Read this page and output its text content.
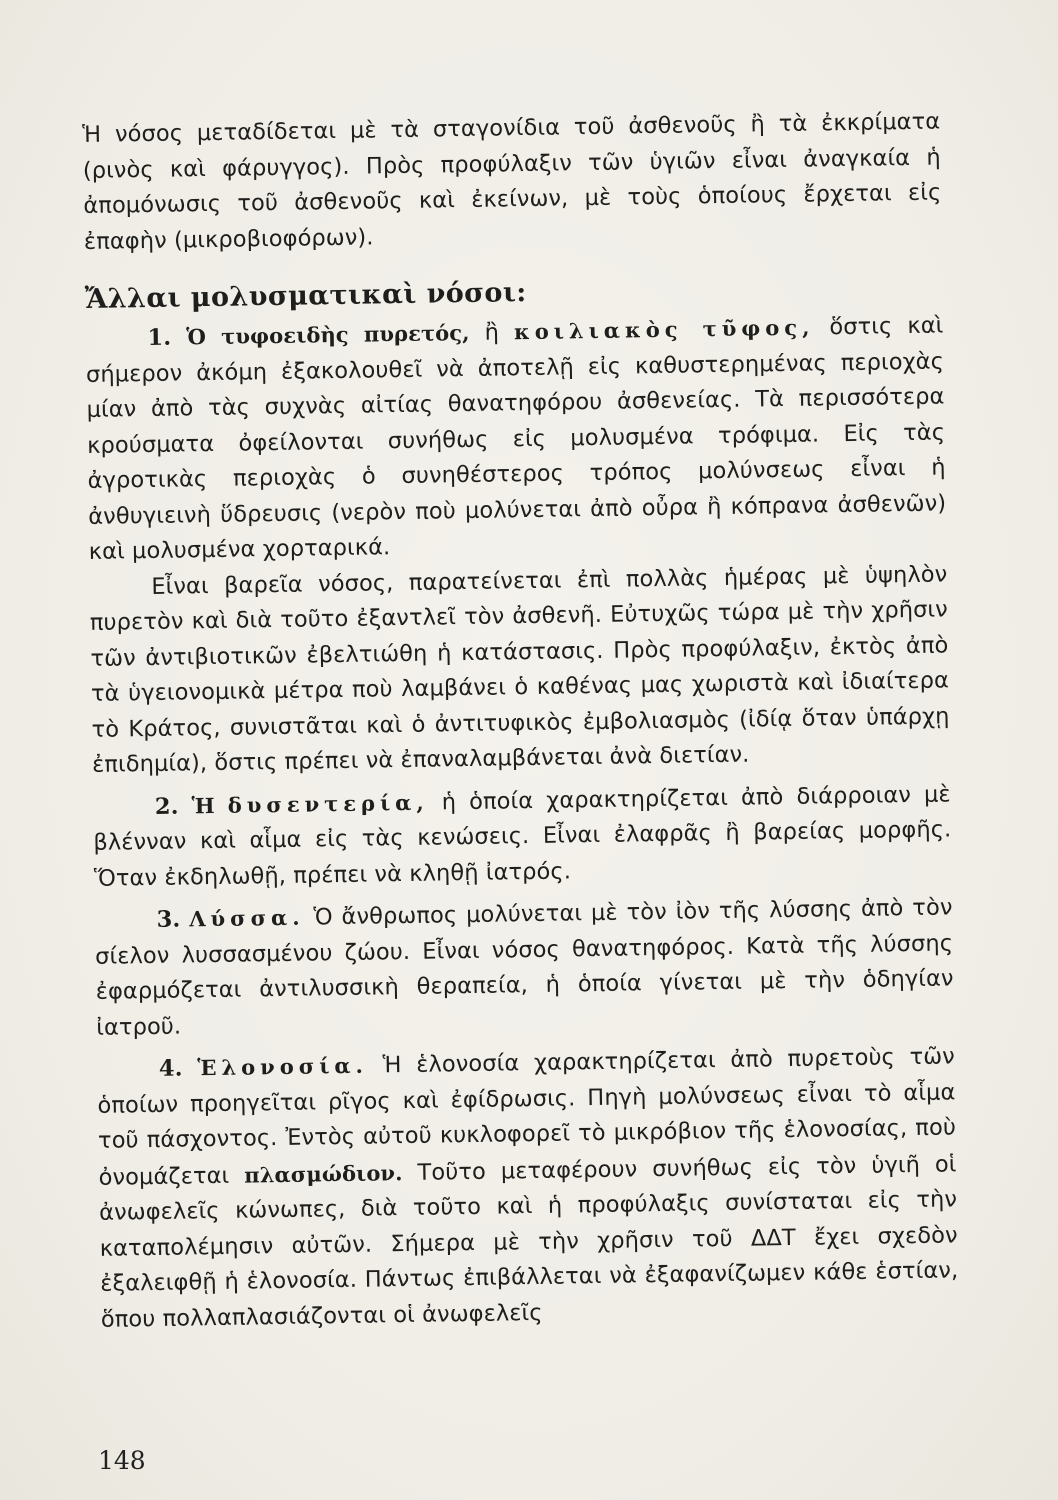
Ἡ νόσος μεταδίδεται μὲ τὰ σταγονίδια τοῦ ἀσθενοῦς ἢ τὰ ἐκκρίματα (ρινὸς καὶ φάρυγγος). Πρὸς προφύλαξιν τῶν ὑγιῶν εἶναι ἀναγκαία ἡ ἀπομόνωσις τοῦ ἀσθενοῦς καὶ ἐκείνων, μὲ τοὺς ὁποίους ἔρχεται εἰς ἐπαφὴν (μικροβιοφόρων).

Ἄλλαι μολυσματικαὶ νόσοι:

1. Ὁ τυφοειδὴς πυρετός, ἢ κοιλιακὸς τῦφος, ὅστις καὶ σήμερον ἀκόμη ἐξακολουθεῖ νὰ ἀποτελῇ εἰς καθυστερημένας περιοχὰς μίαν ἀπὸ τὰς συχνὰς αἰτίας θανατηφόρου ἀσθενείας. Τὰ περισσότερα κρούσματα ὀφείλονται συνήθως εἰς μολυσμένα τρόφιμα. Εἰς τὰς ἀγροτικὰς περιοχὰς ὁ συνηθέστερος τρόπος μολύνσεως εἶναι ἡ ἀνθυγιεινὴ ὕδρευσις (νερὸν ποὺ μολύνεται ἀπὸ οὖρα ἢ κόπρανα ἀσθενῶν) καὶ μολυσμένα χορταρικά.

Εἶναι βαρεῖα νόσος, παρατείνεται ἐπὶ πολλὰς ἡμέρας μὲ ὑψηλὸν πυρετὸν καὶ διὰ τοῦτο ἐξαντλεῖ τὸν ἀσθενῆ. Εὐτυχῶς τώρα μὲ τὴν χρῆσιν τῶν ἀντιβιοτικῶν ἐβελτιώθη ἡ κατάστασις. Πρὸς προφύλαξιν, ἐκτὸς ἀπὸ τὰ ὑγειονομικὰ μέτρα ποὺ λαμβάνει ὁ καθένας μας χωριστὰ καὶ ἰδιαίτερα τὸ Κράτος, συνιστᾶται καὶ ὁ ἀντιτυφικὸς ἐμβολιασμὸς (ἰδίᾳ ὅταν ὑπάρχῃ ἐπιδημία), ὅστις πρέπει νὰ ἐπαναλαμβάνεται ἀνὰ διετίαν.

2. Ἡ δυσεντερία, ἡ ὁποία χαρακτηρίζεται ἀπὸ διάρροιαν μὲ βλένναν καὶ αἷμα εἰς τὰς κενώσεις. Εἶναι ἐλαφρᾶς ἢ βαρείας μορφῆς. Ὅταν ἐκδηλωθῇ, πρέπει νὰ κληθῇ ἰατρός.

3. Λύσσα. Ὁ ἄνθρωπος μολύνεται μὲ τὸν ἰὸν τῆς λύσσης ἀπὸ τὸν σίελον λυσσασμένου ζώου. Εἶναι νόσος θανατηφόρος. Κατὰ τῆς λύσσης ἐφαρμόζεται ἀντιλυσσικὴ θεραπεία, ἡ ὁποία γίνεται μὲ τὴν ὁδηγίαν ἰατροῦ.

4. Ἑλονοσία. Ἡ ἑλονοσία χαρακτηρίζεται ἀπὸ πυρετοὺς τῶν ὁποίων προηγεῖται ρῖγος καὶ ἐφίδρωσις. Πηγὴ μολύνσεως εἶναι τὸ αἷμα τοῦ πάσχοντος. Ἐντὸς αὐτοῦ κυκλοφορεῖ τὸ μικρόβιον τῆς ἑλονοσίας, ποὺ ὀνομάζεται πλασμώδιον. Τοῦτο μεταφέρουν συνήθως εἰς τὸν ὑγιῆ οἱ ἀνωφελεῖς κώνωπες, διὰ τοῦτο καὶ ἡ προφύλαξις συνίσταται εἰς τὴν καταπολέμησιν αὐτῶν. Σήμερα μὲ τὴν χρῆσιν τοῦ ΔΔΤ ἔχει σχεδὸν ἐξαλειφθῇ ἡ ἑλονοσία. Πάντως ἐπιβάλλεται νὰ ἐξαφανίζωμεν κάθε ἑστίαν, ὅπου πολλαπλασιάζονται οἱ ἀνωφελεῖς

148
